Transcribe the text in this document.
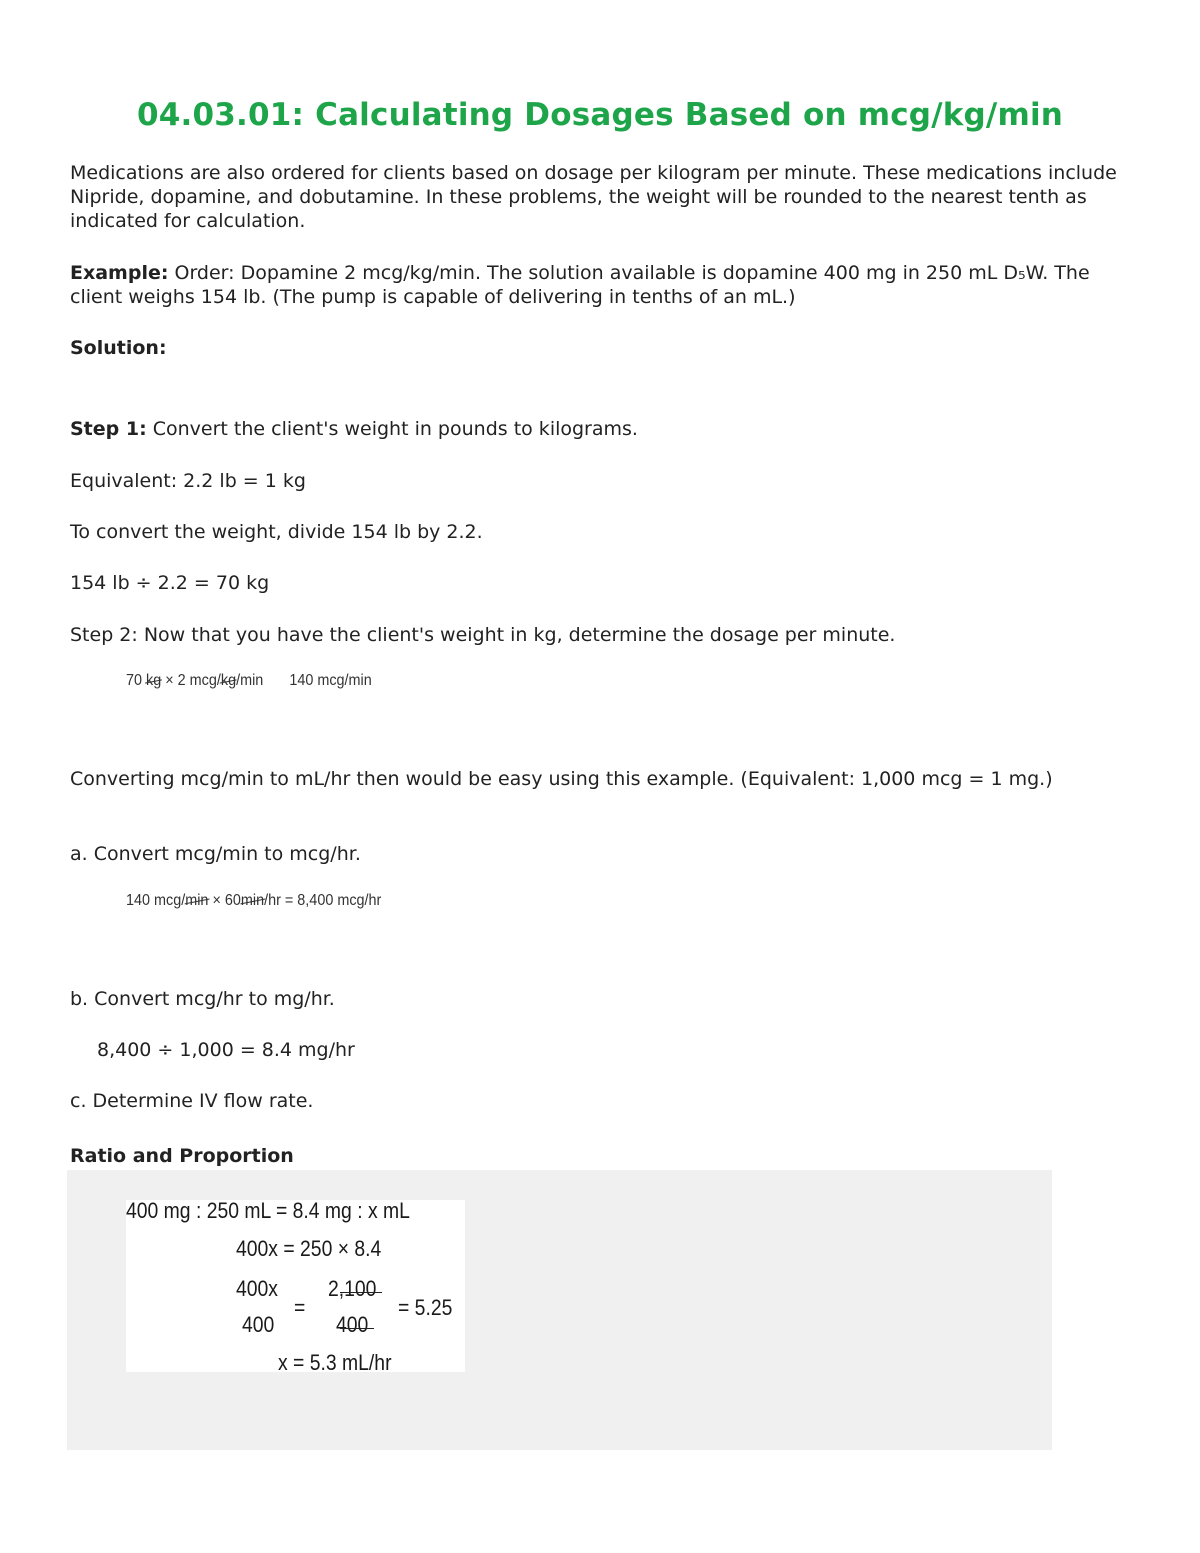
04.03.01: Calculating Dosages Based on mcg/kg/min
Medications are also ordered for clients based on dosage per kilogram per minute. These medications include Nipride, dopamine, and dobutamine. In these problems, the weight will be rounded to the nearest tenth as indicated for calculation.
Example: Order: Dopamine 2 mcg/kg/min. The solution available is dopamine 400 mg in 250 mL D₅W. The client weighs 154 lb. (The pump is capable of delivering in tenths of an mL.)
Solution:
Step 1: Convert the client's weight in pounds to kilograms.
Equivalent: 2.2 lb = 1 kg
To convert the weight, divide 154 lb by 2.2.
154 lb ÷ 2.2 = 70 kg
Step 2: Now that you have the client's weight in kg, determine the dosage per minute.
70 kg × 2 mcg/kg/min 140 mcg/min
Converting mcg/min to mL/hr then would be easy using this example. (Equivalent: 1,000 mcg = 1 mg.)
a. Convert mcg/min to mcg/hr.
140 mcg/min × 60min/hr = 8,400 mcg/hr
b. Convert mcg/hr to mg/hr.
8,400 ÷ 1,000 = 8.4 mg/hr
c. Determine IV flow rate.
Ratio and Proportion
400 mg : 250 mL = 8.4 mg : x mL
400x = 250 × 8.4
400x
400
=
2,100
400
= 5.25
x = 5.3 mL/hr
